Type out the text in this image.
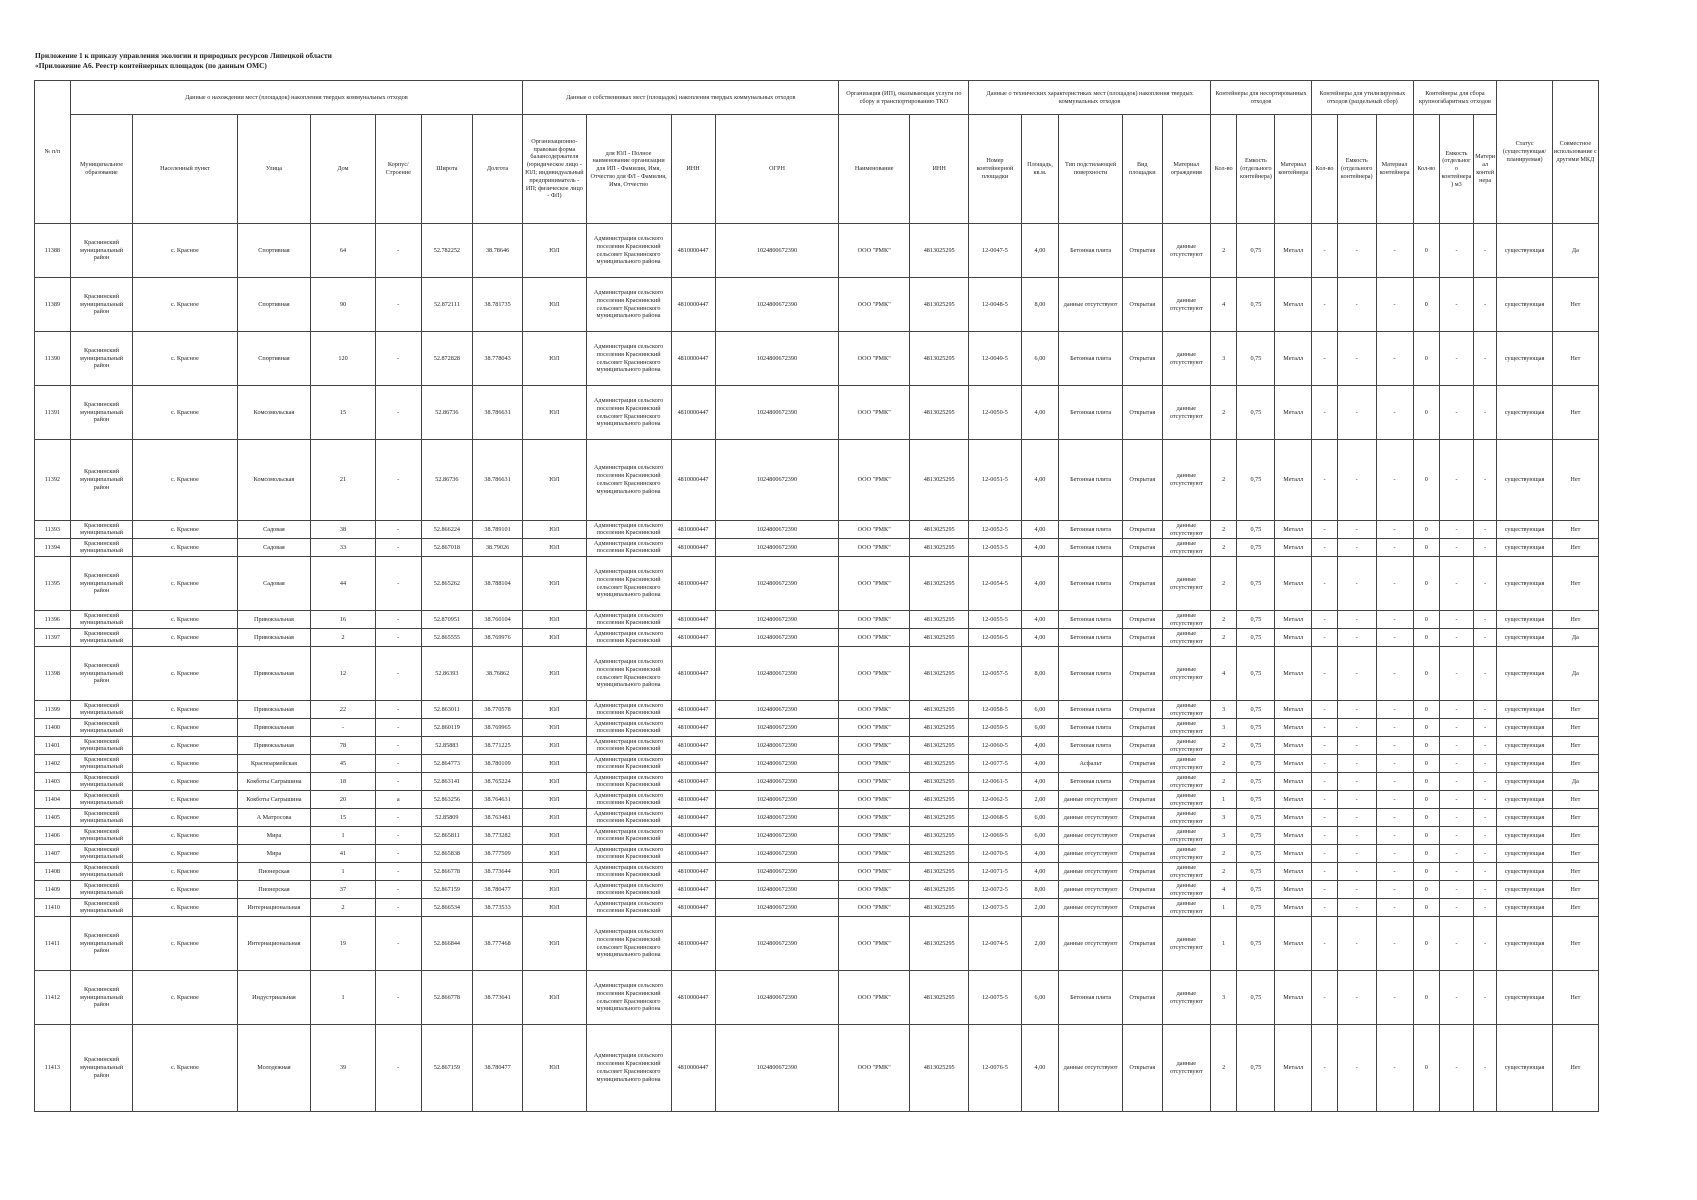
Приложение 1 к приказу управления экологии и природных ресурсов Липецкой области
«Приложение А6. Реестр контейнерных площадок (по данным ОМС)
№ п/п	Данные о нахождении мест (площадок) накопления твердых коммунальных отходов							Данные о собственниках мест (площадок) накопления твердых коммунальных отходов				Организация (ИП), оказывающая услуги по сбору и транспортированию ТКО		Данные о технических характеристиках мест (площадок) накопления твердых коммунальных отходов					Контейнеры для несортированных отходов			Контейнеры для утилизируемых отходов (раздельный сбор)			Контейнеры для сбора крупногабаритных отходов			Статус (существующая/планируемая)	Совместное использование с другими МКД
	Муниципальное образование	Населенный пункт	Улица	Дом	Корпус/Строение	Широта	Долгота	Организационно-правовая форма балансодержателя (юридическое лицо - ЮЛ; индивидуальный предприниматель - ИП; физическое лицо - ФЛ)	для ЮЛ - Полное наименование организации для ИП - Фамилия, Имя, Отчество для ФЛ - Фамилия, Имя, Отчество	ИНН	ОГРН	Наименование	ИНН	Номер контейнерной площадки	Площадь, кв.м.	Тип подстилающей поверхности	Вид площадки	Материал ограждения	Кол-во	Емкость (отдельного контейнера)	Материал контейнера	Кол-во	Емкость (отдельного контейнера)	Материал контейнера	Кол-во	Емкость (отдельного контейнера) м3	Материал контейнера		

11388	Краснинский муниципальный район	с. Красное	Спортивная	64	-	52.782252	38.78646	ЮЛ	Администрация сельского поселения Краснинский сельсовет Краснинского муниципального района	4810000447	1024800672390	ООО "РМК"	4813025295	12-0047-5	4,00	Бетонная плита	Открытая	данные отсутствуют	2	0,75	Металл	-	-	-	0	-	-	существующая	Да

11389	Краснинский муниципальный район	с. Красное	Спортивная	90	-	52.872111	38.781735	ЮЛ	Администрация сельского поселения Краснинский сельсовет Краснинского муниципального района	4810000447	1024800672390	ООО "РМК"	4813025295	12-0048-5	8,00	данные отсутствуют	Открытая	данные отсутствуют	4	0,75	Металл	-	-	-	0	-	-	существующая	Нет

11390	Краснинский муниципальный район	с. Красное	Спортивная	120	-	52.872828	38.778043	ЮЛ	Администрация сельского поселения Краснинский сельсовет Краснинского муниципального района	4810000447	1024800672390	ООО "РМК"	4813025295	12-0049-5	6,00	Бетонная плита	Открытая	данные отсутствуют	3	0,75	Металл	-	-	-	0	-	-	существующая	Нет

11391	Краснинский муниципальный район	с. Красное	Комсомольская	15	-	52.86736	38.786631	ЮЛ	Администрация сельского поселения Краснинский сельсовет Краснинского муниципального района	4810000447	1024800672390	ООО "РМК"	4813025295	12-0050-5	4,00	Бетонная плита	Открытая	данные отсутствуют	2	0,75	Металл	-	-	-	0	-	-	существующая	Нет

11392	Краснинский муниципальный район	с. Красное	Комсомольская	21	-	52.86736	38.786631	ЮЛ	Администрация сельского поселения Краснинский сельсовет Краснинского муниципального района	4810000447	1024800672390	ООО "РМК"	4813025295	12-0051-5	4,00	Бетонная плита	Открытая	данные отсутствуют	2	0,75	Металл	-	-	-	0	-	-	существующая	Нет

11393	Краснинский муниципальный	с. Красное	Садовая	38	-	52.866224	38.789101	ЮЛ	Администрация сельского поселения Краснинский	4810000447	1024800672390	ООО "РМК"	4813025295	12-0052-5	4,00	Бетонная плита	Открытая	данные отсутствуют	2	0,75	Металл	-	-	-	0	-	-	существующая	Нет

11394	Краснинский муниципальный	с. Красное	Садовая	33	-	52.867018	38.79026	ЮЛ	Администрация сельского поселения Краснинский	4810000447	1024800672390	ООО "РМК"	4813025295	12-0053-5	4,00	Бетонная плита	Открытая	данные отсутствуют	2	0,75	Металл	-	-	-	0	-	-	существующая	Нет

11395	Краснинский муниципальный район	с. Красное	Садовая	44	-	52.865262	38.788104	ЮЛ	Администрация сельского поселения Краснинский сельсовет Краснинского муниципального района	4810000447	1024800672390	ООО "РМК"	4813025295	12-0054-5	4,00	Бетонная плита	Открытая	данные отсутствуют	2	0,75	Металл	-	-	-	0	-	-	существующая	Нет

11396	Краснинский муниципальный	с. Красное	Привокзальная	16	-	52.870951	38.760104	ЮЛ	Администрация сельского поселения Краснинский	4810000447	1024800672390	ООО "РМК"	4813025295	12-0055-5	4,00	Бетонная плита	Открытая	данные отсутствуют	2	0,75	Металл	-	-	-	0	-	-	существующая	Нет

11397	Краснинский муниципальный	с. Красное	Привокзальная	2	-	52.865555	38.769976	ЮЛ	Администрация сельского поселения Краснинский	4810000447	1024800672390	ООО "РМК"	4813025295	12-0056-5	4,00	Бетонная плита	Открытая	данные отсутствуют	2	0,75	Металл	-	-	-	0	-	-	существующая	Да

11398	Краснинский муниципальный район	с. Красное	Привокзальная	12	-	52.86393	38.76862	ЮЛ	Администрация сельского поселения Краснинский сельсовет Краснинского муниципального района	4810000447	1024800672390	ООО "РМК"	4813025295	12-0057-5	8,00	Бетонная плита	Открытая	данные отсутствуют	4	0,75	Металл	-	-	-	0	-	-	существующая	Да

11399	Краснинский муниципальный	с. Красное	Привокзальная	22	-	52.863011	38.770578	ЮЛ	Администрация сельского поселения Краснинский	4810000447	1024800672390	ООО "РМК"	4813025295	12-0058-5	6,00	Бетонная плита	Открытая	данные отсутствуют	3	0,75	Металл	-	-	-	0	-	-	существующая	Нет

11400	Краснинский муниципальный	с. Красное	Привокзальная	-	-	52.860119	38.769965	ЮЛ	Администрация сельского поселения Краснинский	4810000447	1024800672390	ООО "РМК"	4813025295	12-0059-5	6,00	Бетонная плита	Открытая	данные отсутствуют	3	0,75	Металл	-	-	-	0	-	-	существующая	Нет

11401	Краснинский муниципальный	с. Красное	Привокзальная	78	-	52.85883	38.771225	ЮЛ	Администрация сельского поселения Краснинский	4810000447	1024800672390	ООО "РМК"	4813025295	12-0060-5	4,00	Бетонная плита	Открытая	данные отсутствуют	2	0,75	Металл	-	-	-	0	-	-	существующая	Нет

11402	Краснинский муниципальный	с. Красное	Красноармейская	45	-	52.864773	38.780109	ЮЛ	Администрация сельского поселения Краснинский	4810000447	1024800672390	ООО "РМК"	4813025295	12-0077-5	4,00	Асфальт	Открытая	данные отсутствуют	2	0,75	Металл	-	-	-	0	-	-	существующая	Нет

11403	Краснинский муниципальный	с. Красное	Кокботы Сагрышина	18	-	52.863141	38.765224	ЮЛ	Администрация сельского поселения Краснинский	4810000447	1024800672390	ООО "РМК"	4813025295	12-0061-5	4,00	Бетонная плита	Открытая	данные отсутствуют	2	0,75	Металл	-	-	-	0	-	-	существующая	Да

11404	Краснинский муниципальный	с. Красное	Кокботы Сагрышина	20	а	52.863256	38.764631	ЮЛ	Администрация сельского поселения Краснинский	4810000447	1024800672390	ООО "РМК"	4813025295	12-0062-5	2,00	данные отсутствуют	Открытая	данные отсутствуют	1	0,75	Металл	-	-	-	0	-	-	существующая	Нет

11405	Краснинский муниципальный	с. Красное	А Матросова	15	-	52.85809	38.763481	ЮЛ	Администрация сельского поселения Краснинский	4810000447	1024800672390	ООО "РМК"	4813025295	12-0068-5	6,00	данные отсутствуют	Открытая	данные отсутствуют	3	0,75	Металл	-	-	-	0	-	-	существующая	Нет

11406	Краснинский муниципальный	с. Красное	Мира	1	-	52.865811	38.773282	ЮЛ	Администрация сельского поселения Краснинский	4810000447	1024800672390	ООО "РМК"	4813025295	12-0069-5	6,00	данные отсутствуют	Открытая	данные отсутствуют	3	0,75	Металл	-	-	-	0	-	-	существующая	Нет

11407	Краснинский муниципальный	с. Красное	Мира	41	-	52.865838	38.777509	ЮЛ	Администрация сельского поселения Краснинский	4810000447	1024800672390	ООО "РМК"	4813025295	12-0070-5	4,00	данные отсутствуют	Открытая	данные отсутствуют	2	0,75	Металл	-	-	-	0	-	-	существующая	Нет

11408	Краснинский муниципальный	с. Красное	Пионерская	1	-	52.866778	38.773644	ЮЛ	Администрация сельского поселения Краснинский	4810000447	1024800672390	ООО "РМК"	4813025295	12-0071-5	4,00	данные отсутствуют	Открытая	данные отсутствуют	2	0,75	Металл	-	-	-	0	-	-	существующая	Нет

11409	Краснинский муниципальный	с. Красное	Пионерская	37	-	52.867159	38.780477	ЮЛ	Администрация сельского поселения Краснинский	4810000447	1024800672390	ООО "РМК"	4813025295	12-0072-5	8,00	данные отсутствуют	Открытая	данные отсутствуют	4	0,75	Металл	-	-	-	0	-	-	существующая	Нет

11410	Краснинский муниципальный	с. Красное	Интернациональная	2	-	52.866534	38.773533	ЮЛ	Администрация сельского поселения Краснинский	4810000447	1024800672390	ООО "РМК"	4813025295	12-0073-5	2,00	данные отсутствуют	Открытая	данные отсутствуют	1	0,75	Металл	-	-	-	0	-	-	существующая	Нет

11411	Краснинский муниципальный район	с. Красное	Интернациональная	19	-	52.866844	38.777468	ЮЛ	Администрация сельского поселения Краснинский сельсовет Краснинского муниципального района	4810000447	1024800672390	ООО "РМК"	4813025295	12-0074-5	2,00	данные отсутствуют	Открытая	данные отсутствуют	1	0,75	Металл	-	-	-	0	-	-	существующая	Нет

11412	Краснинский муниципальный район	с. Красное	Индустриальная	1	-	52.866778	38.773641	ЮЛ	Администрация сельского поселения Краснинский сельсовет Краснинского муниципального района	4810000447	1024800672390	ООО "РМК"	4813025295	12-0075-5	6,00	Бетонная плита	Открытая	данные отсутствуют	3	0,75	Металл	-	-	-	0	-	-	существующая	Нет

11413	Краснинский муниципальный район	с. Красное	Молодежная	39	-	52.867159	38.780477	ЮЛ	Администрация сельского поселения Краснинский сельсовет Краснинского муниципального района	4810000447	1024800672390	ООО "РМК"	4813025295	12-0076-5	4,00	данные отсутствуют	Открытая	данные отсутствуют	2	0,75	Металл	-	-	-	0	-	-	существующая	Нет
